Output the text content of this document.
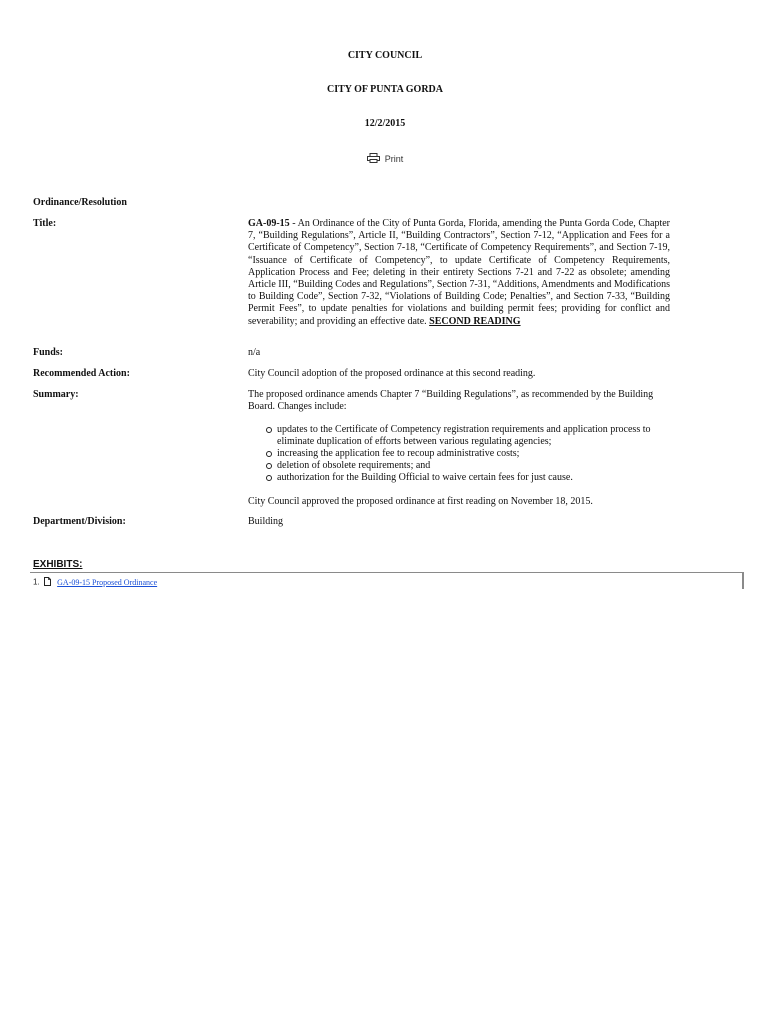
CITY COUNCIL
CITY OF PUNTA GORDA
12/2/2015
Print
Ordinance/Resolution
Title:	GA-09-15 - An Ordinance of the City of Punta Gorda, Florida, amending the Punta Gorda Code, Chapter 7, “Building Regulations”, Article II, “Building Contractors”, Section 7-12, “Application and Fees for a Certificate of Competency”, Section 7-18, “Certificate of Competency Requirements”, and Section 7-19, “Issuance of Certificate of Competency”, to update Certificate of Competency Requirements, Application Process and Fee; deleting in their entirety Sections 7-21 and 7-22 as obsolete; amending Article III, “Building Codes and Regulations”, Section 7-31, “Additions, Amendments and Modifications to Building Code”, Section 7-32, “Violations of Building Code; Penalties”, and Section 7-33, “Building Permit Fees”, to update penalties for violations and building permit fees; providing for conflict and severability; and providing an effective date. SECOND READING
Funds:	n/a
Recommended Action:	City Council adoption of the proposed ordinance at this second reading.
Summary:	The proposed ordinance amends Chapter 7 “Building Regulations”, as recommended by the Building Board. Changes include:
updates to the Certificate of Competency registration requirements and application process to eliminate duplication of efforts between various regulating agencies;
increasing the application fee to recoup administrative costs;
deletion of obsolete requirements; and
authorization for the Building Official to waive certain fees for just cause.
City Council approved the proposed ordinance at first reading on November 18, 2015.
Department/Division:	Building
EXHIBITS:
1. GA-09-15 Proposed Ordinance
